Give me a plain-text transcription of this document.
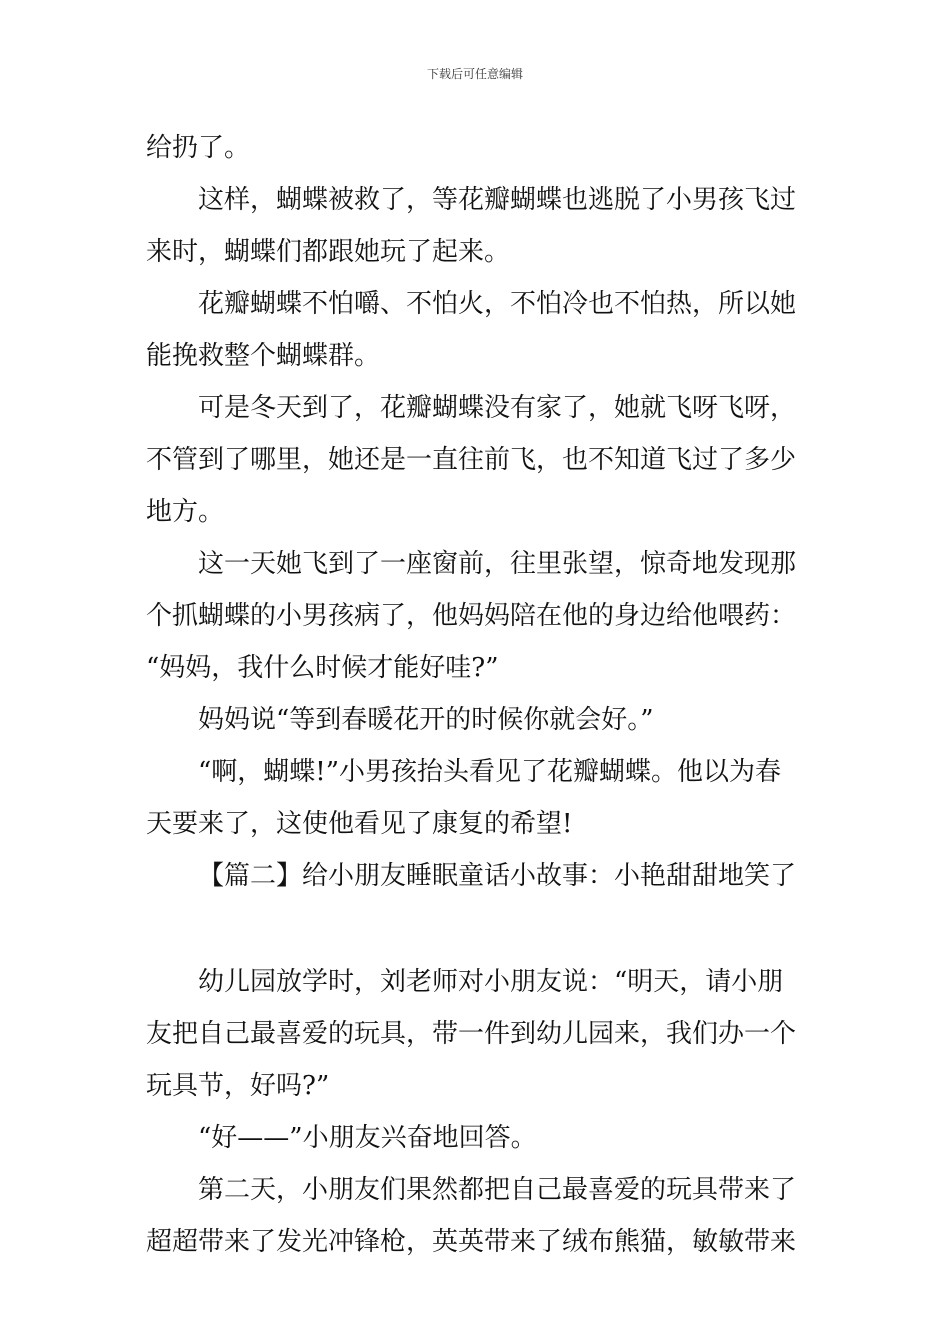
下载后可任意编辑
给扔了。
这样，蝴蝶被救了，等花瓣蝴蝶也逃脱了小男孩飞过
来时，蝴蝶们都跟她玩了起来。
花瓣蝴蝶不怕嚼、不怕火，不怕冷也不怕热，所以她
能挽救整个蝴蝶群。
可是冬天到了，花瓣蝴蝶没有家了，她就飞呀飞呀，
不管到了哪里，她还是一直往前飞，也不知道飞过了多少
地方。
这一天她飞到了一座窗前，往里张望，惊奇地发现那
个抓蝴蝶的小男孩病了，他妈妈陪在他的身边给他喂药：
“妈妈，我什么时候才能好哇?”
妈妈说“等到春暖花开的时候你就会好。”
“啊，蝴蝶!”小男孩抬头看见了花瓣蝴蝶。他以为春
天要来了，这使他看见了康复的希望!
【篇二】给小朋友睡眠童话小故事：小艳甜甜地笑了
幼儿园放学时，刘老师对小朋友说：“明天，请小朋
友把自己最喜爱的玩具，带一件到幼儿园来，我们办一个
玩具节，好吗?”
“好——”小朋友兴奋地回答。
第二天，小朋友们果然都把自己最喜爱的玩具带来了
超超带来了发光冲锋枪，英英带来了绒布熊猫，敏敏带来
